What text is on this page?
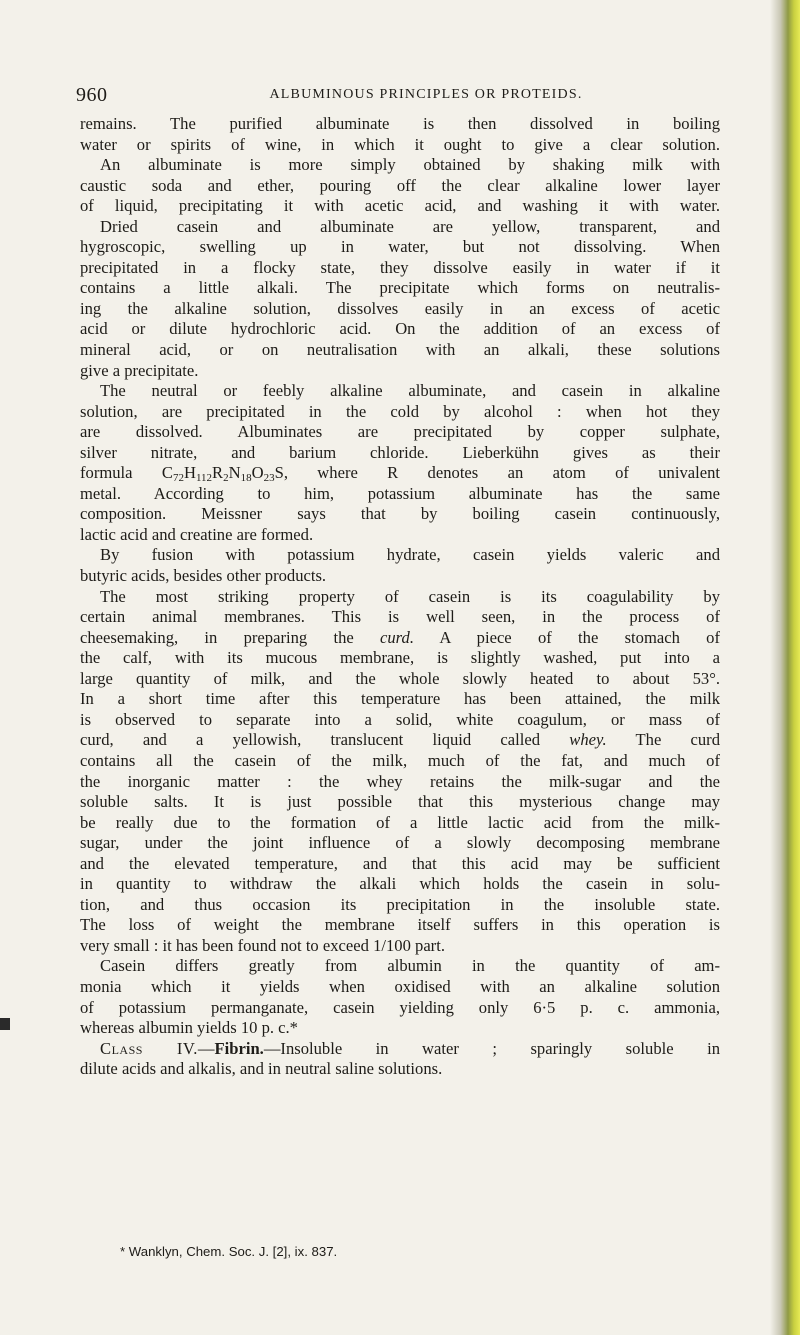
960	ALBUMINOUS PRINCIPLES OR PROTEIDS.
remains. The purified albuminate is then dissolved in boiling
water or spirits of wine, in which it ought to give a clear solution.
An albuminate is more simply obtained by shaking milk with
caustic soda and ether, pouring off the clear alkaline lower layer
of liquid, precipitating it with acetic acid, and washing it with water.
Dried casein and albuminate are yellow, transparent, and
hygroscopic, swelling up in water, but not dissolving. When
precipitated in a flocky state, they dissolve easily in water if it
contains a little alkali. The precipitate which forms on neutralis-
ing the alkaline solution, dissolves easily in an excess of acetic
acid or dilute hydrochloric acid. On the addition of an excess of
mineral acid, or on neutralisation with an alkali, these solutions
give a precipitate.
The neutral or feebly alkaline albuminate, and casein in alkaline
solution, are precipitated in the cold by alcohol : when hot they
are dissolved. Albuminates are precipitated by copper sulphate,
silver nitrate, and barium chloride. Lieberkühn gives as their
formula $C_{72}H_{112}R_2N_{18}O_{23}S$, where R denotes an atom of univalent
metal. According to him, potassium albuminate has the same
composition. Meissner says that by boiling casein continuously,
lactic acid and creatine are formed.
By fusion with potassium hydrate, casein yields valeric and
butyric acids, besides other products.
The most striking property of casein is its coagulability by
certain animal membranes. This is well seen, in the process of
cheesemaking, in preparing the curd. A piece of the stomach of
the calf, with its mucous membrane, is slightly washed, put into a
large quantity of milk, and the whole slowly heated to about 53°.
In a short time after this temperature has been attained, the milk
is observed to separate into a solid, white coagulum, or mass of
curd, and a yellowish, translucent liquid called whey. The curd
contains all the casein of the milk, much of the fat, and much of
the inorganic matter : the whey retains the milk-sugar and the
soluble salts. It is just possible that this mysterious change may
be really due to the formation of a little lactic acid from the milk-
sugar, under the joint influence of a slowly decomposing membrane
and the elevated temperature, and that this acid may be sufficient
in quantity to withdraw the alkali which holds the casein in solu-
tion, and thus occasion its precipitation in the insoluble state.
The loss of weight the membrane itself suffers in this operation is
very small : it has been found not to exceed 1/100 part.
Casein differs greatly from albumin in the quantity of am-
monia which it yields when oxidised with an alkaline solution
of potassium permanganate, casein yielding only 6·5 p. c. ammonia,
whereas albumin yields 10 p. c.*
Class IV.—Fibrin.—Insoluble in water ; sparingly soluble in
dilute acids and alkalis, and in neutral saline solutions.
* Wanklyn, Chem. Soc. J. [2], ix. 837.
